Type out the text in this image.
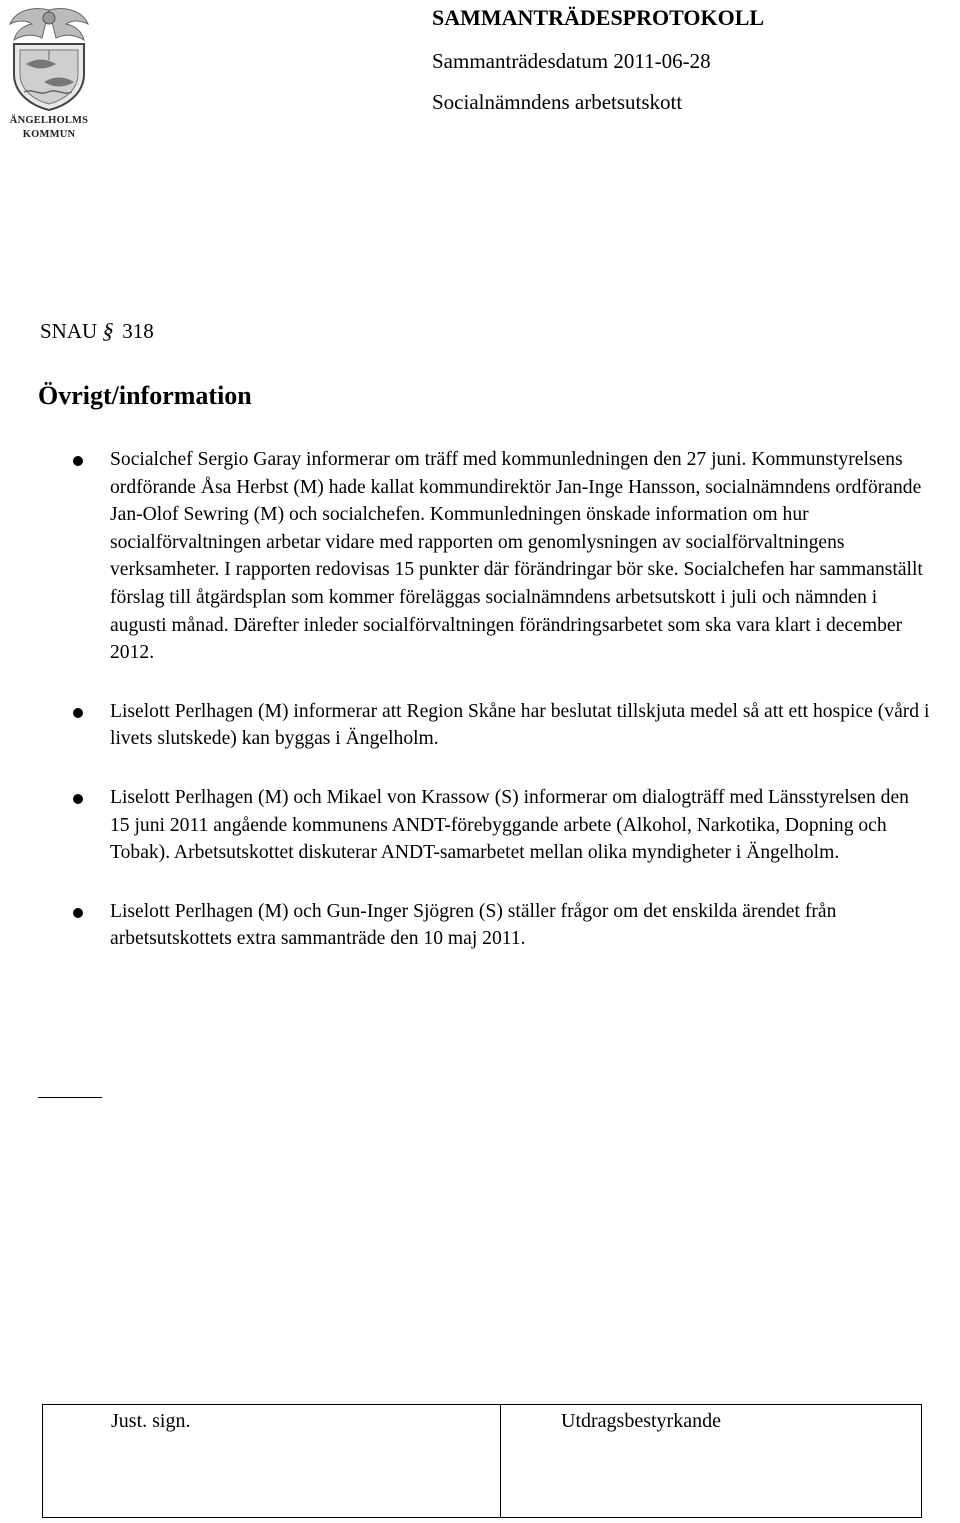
ÄNGELHOLMS
KOMMUN
SAMMANTRÄDESPROTOKOLL
Sammanträdesdatum 2011-06-28
Socialnämndens arbetsutskott
SNAU § 318
Övrigt/information

Socialchef Sergio Garay informerar om träff med kommunledningen den 27 juni. Kommunstyrelsens ordförande Åsa Herbst (M) hade kallat kommundirektör Jan-Inge Hansson, socialnämndens ordförande Jan-Olof Sewring (M) och socialchefen. Kommunledningen önskade information om hur socialförvaltningen arbetar vidare med rapporten om genomlysningen av socialförvaltningens verksamheter. I rapporten redovisas 15 punkter där förändringar bör ske. Socialchefen har sammanställt förslag till åtgärdsplan som kommer föreläggas socialnämndens arbetsutskott i juli och nämnden i augusti månad. Därefter inleder socialförvaltningen förändringsarbetet som ska vara klart i december 2012.

Liselott Perlhagen (M) informerar att Region Skåne har beslutat tillskjuta medel så att ett hospice (vård i livets slutskede) kan byggas i Ängelholm.

Liselott Perlhagen (M) och Mikael von Krassow (S) informerar om dialogträff med Länsstyrelsen den 15 juni 2011 angående kommunens ANDT-förebyggande arbete (Alkohol, Narkotika, Dopning och Tobak). Arbetsutskottet diskuterar ANDT-samarbetet mellan olika myndigheter i Ängelholm.

Liselott Perlhagen (M) och Gun-Inger Sjögren (S) ställer frågor om det enskilda ärendet från arbetsutskottets extra sammanträde den 10 maj 2011.

Just. sign.	Utdragsbestyrkande
